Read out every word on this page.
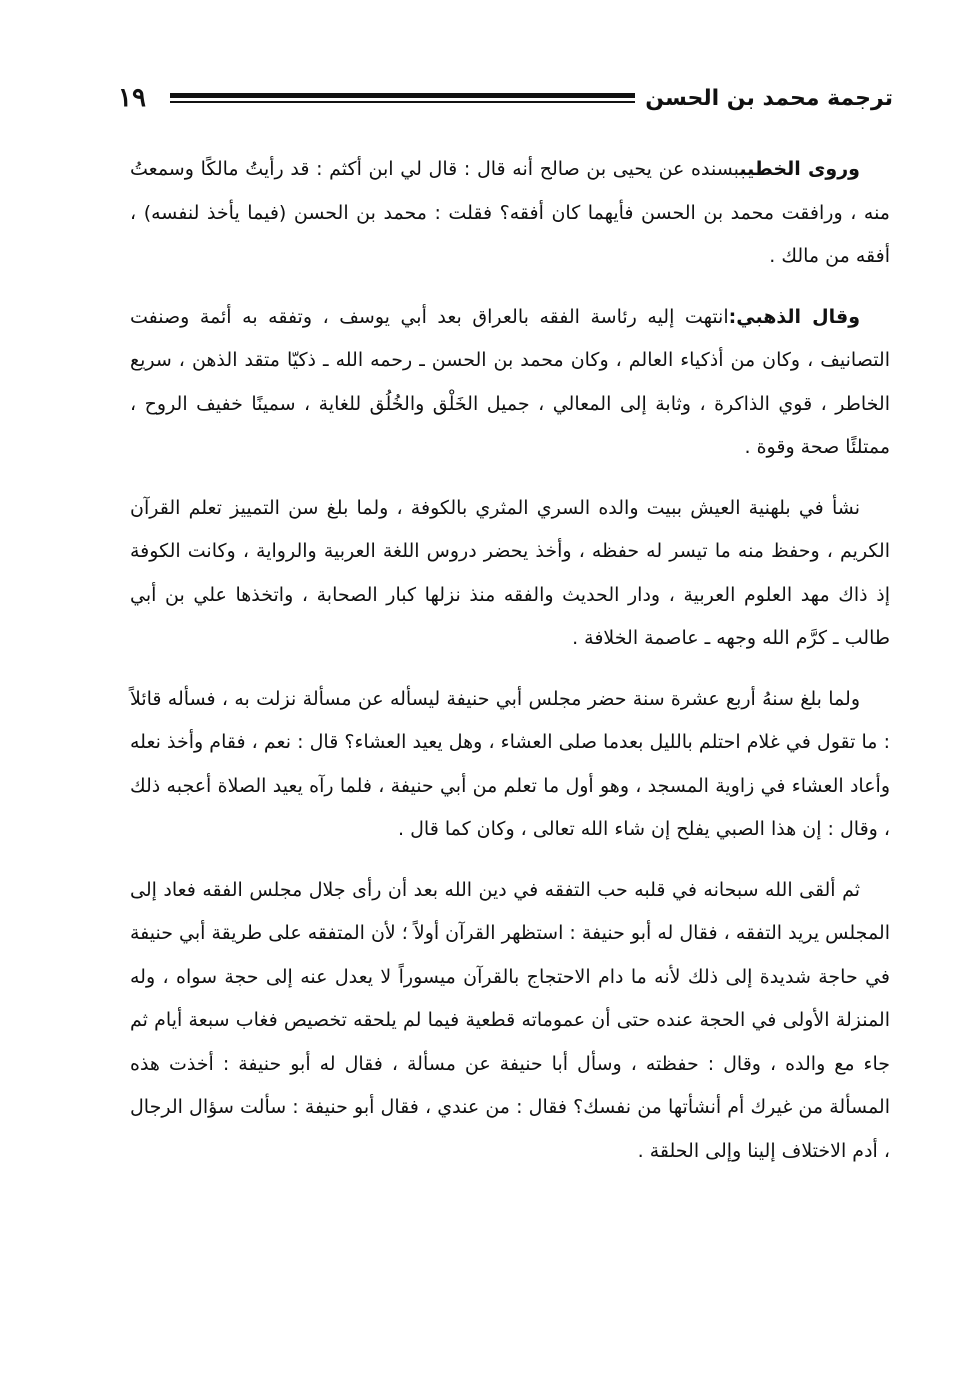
١٩	ترجمة محمد بن الحسن

وروى الخطيببسنده عن يحيى بن صالح أنه قال : قال لي ابن أكثم : قد رأيتُ مالكًا وسمعتُ منه ، ورافقت محمد بن الحسن فأيهما كان أفقه؟ فقلت : محمد بن الحسن (فيما يأخذ لنفسه) ، أفقه من مالك .

وقال الذهبي:انتهت إليه رئاسة الفقه بالعراق بعد أبي يوسف ، وتفقه به أئمة وصنفت التصانيف ، وكان من أذكياء العالم ، وكان محمد بن الحسن ـ رحمه الله ـ ذكيّا متقد الذهن ، سريع الخاطر ، قوي الذاكرة ، وثابة إلى المعالي ، جميل الخَلْق والخُلُق للغاية ، سمينًا خفيف الروح ، ممتلئًا صحة وقوة .

نشأ في بلهنية العيش ببيت والده السري المثري بالكوفة ، ولما بلغ سن التمييز تعلم القرآن الكريم ، وحفظ منه ما تيسر له حفظه ، وأخذ يحضر دروس اللغة العربية والرواية ، وكانت الكوفة إذ ذاك مهد العلوم العربية ، ودار الحديث والفقه منذ نزلها كبار الصحابة ، واتخذها علي بن أبي طالب ـ كرَّم الله وجهه ـ عاصمة الخلافة .

ولما بلغ سنهُ أربع عشرة سنة حضر مجلس أبي حنيفة ليسأله عن مسألة نزلت به ، فسأله قائلاً : ما تقول في غلام احتلم بالليل بعدما صلى العشاء ، وهل يعيد العشاء؟ قال : نعم ، فقام وأخذ نعله وأعاد العشاء في زاوية المسجد ، وهو أول ما تعلم من أبي حنيفة ، فلما رآه يعيد الصلاة أعجبه ذلك ، وقال : إن هذا الصبي يفلح إن شاء الله تعالى ، وكان كما قال .

ثم ألقى الله سبحانه في قلبه حب التفقه في دين الله بعد أن رأى جلال مجلس الفقه فعاد إلى المجلس يريد التفقه ، فقال له أبو حنيفة : استظهر القرآن أولاً ؛ لأن المتفقه على طريقة أبي حنيفة في حاجة شديدة إلى ذلك لأنه ما دام الاحتجاج بالقرآن ميسوراً لا يعدل عنه إلى حجة سواه ، وله المنزلة الأولى في الحجة عنده حتى أن عموماته قطعية فيما لم يلحقه تخصيص فغاب سبعة أيام ثم جاء مع والده ، وقال : حفظته ، وسأل أبا حنيفة عن مسألة ، فقال له أبو حنيفة : أخذت هذه المسألة من غيرك أم أنشأتها من نفسك؟ فقال : من عندي ، فقال أبو حنيفة : سألت سؤال الرجال ، أدم الاختلاف إلينا وإلى الحلقة .
